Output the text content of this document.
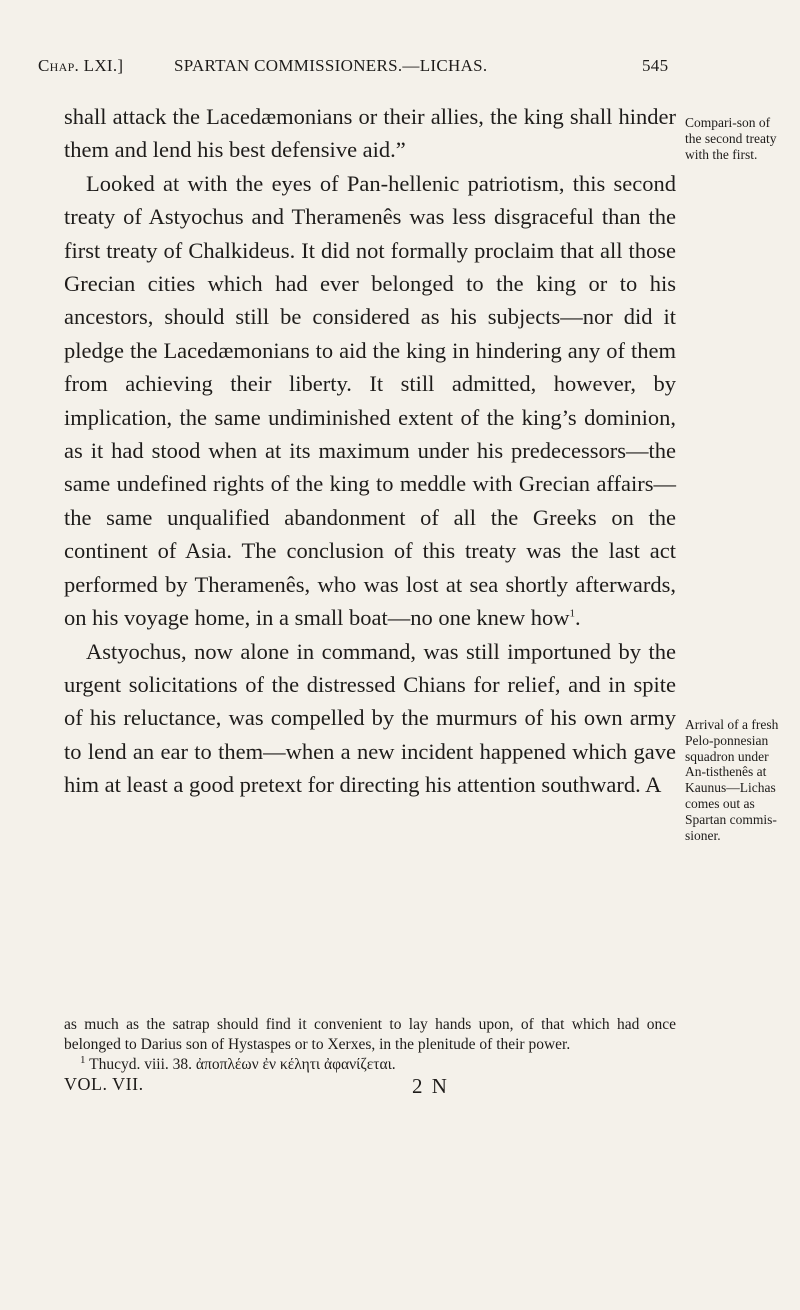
Chap. LXI.]	SPARTAN COMMISSIONERS.—LICHAS.	545

shall attack the Lacedæmonians or their allies, the king shall hinder them and lend his best defensive aid.”

Looked at with the eyes of Pan-hellenic patriotism, this second treaty of Astyochus and Theramenês was less disgraceful than the first treaty of Chalkideus. It did not formally proclaim that all those Grecian cities which had ever belonged to the king or to his ancestors, should still be considered as his subjects—nor did it pledge the Lacedæmonians to aid the king in hindering any of them from achieving their liberty. It still admitted, however, by implication, the same undiminished extent of the king’s dominion, as it had stood when at its maximum under his predecessors—the same undefined rights of the king to meddle with Grecian affairs—the same unqualified abandonment of all the Greeks on the continent of Asia. The conclusion of this treaty was the last act performed by Theramenês, who was lost at sea shortly afterwards, on his voyage home, in a small boat—no one knew how$^1$.

Astyochus, now alone in command, was still importuned by the urgent solicitations of the distressed Chians for relief, and in spite of his reluctance, was compelled by the murmurs of his own army to lend an ear to them—when a new incident happened which gave him at least a good pretext for directing his attention southward. A

Compari-son of the second treaty with the first.
Arrival of a fresh Pelo-ponnesian squadron under An-tisthenês at Kaunus—Lichas comes out as Spartan commis-sioner.

as much as the satrap should find it convenient to lay hands upon, of that which had once belonged to Darius son of Hystaspes or to Xerxes, in the plenitude of their power.

$^1$ Thucyd. viii. 38. ἀποπλέων ἐν κέλητι ἀφανίζεται.

VOL. VII.	2 N
